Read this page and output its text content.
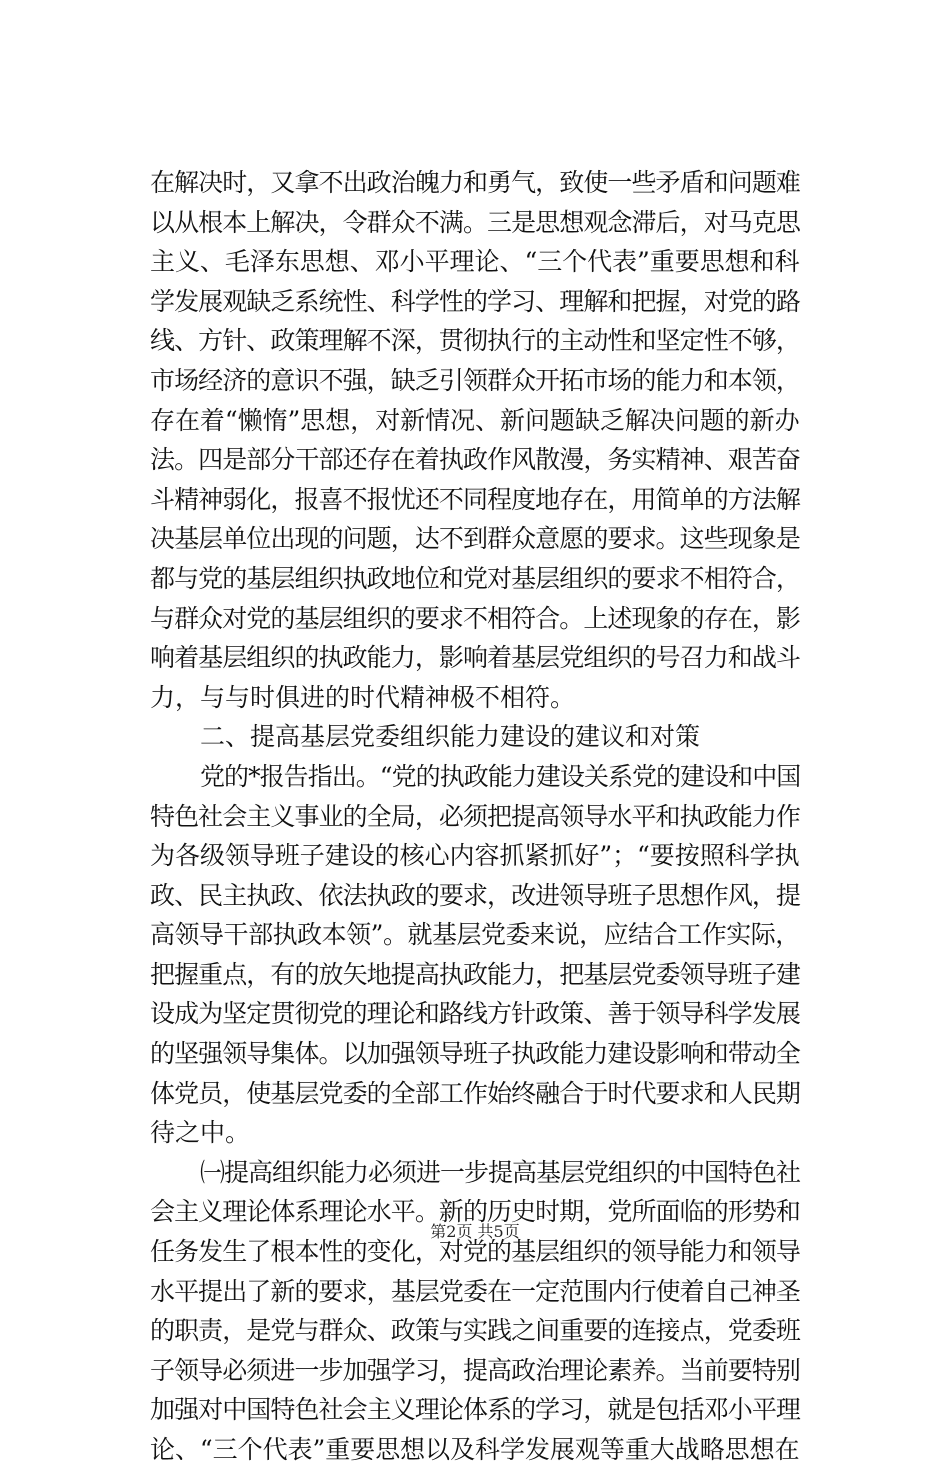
在解决时，又拿不出政治魄力和勇气，致使一些矛盾和问题难
以从根本上解决，令群众不满。三是思想观念滞后，对马克思
主义、毛泽东思想、邓小平理论、“三个代表”重要思想和科
学发展观缺乏系统性、科学性的学习、理解和把握，对党的路
线、方针、政策理解不深，贯彻执行的主动性和坚定性不够，
市场经济的意识不强，缺乏引领群众开拓市场的能力和本领，
存在着“懒惰”思想，对新情况、新问题缺乏解决问题的新办
法。四是部分干部还存在着执政作风散漫，务实精神、艰苦奋
斗精神弱化，报喜不报忧还不同程度地存在，用简单的方法解
决基层单位出现的问题，达不到群众意愿的要求。这些现象是
都与党的基层组织执政地位和党对基层组织的要求不相符合，
与群众对党的基层组织的要求不相符合。上述现象的存在，影
响着基层组织的执政能力，影响着基层党组织的号召力和战斗
力，与与时俱进的时代精神极不相符。
二、提高基层党委组织能力建设的建议和对策
党的*报告指出。“党的执政能力建设关系党的建设和中国
特色社会主义事业的全局，必须把提高领导水平和执政能力作
为各级领导班子建设的核心内容抓紧抓好”；“要按照科学执
政、民主执政、依法执政的要求，改进领导班子思想作风，提
高领导干部执政本领”。就基层党委来说，应结合工作实际，
把握重点，有的放矢地提高执政能力，把基层党委领导班子建
设成为坚定贯彻党的理论和路线方针政策、善于领导科学发展
的坚强领导集体。以加强领导班子执政能力建设影响和带动全
体党员，使基层党委的全部工作始终融合于时代要求和人民期
待之中。
㈠提高组织能力必须进一步提高基层党组织的中国特色社
会主义理论体系理论水平。新的历史时期，党所面临的形势和
任务发生了根本性的变化，对党的基层组织的领导能力和领导
水平提出了新的要求，基层党委在一定范围内行使着自己神圣
的职责，是党与群众、政策与实践之间重要的连接点，党委班
子领导必须进一步加强学习，提高政治理论素养。当前要特别
加强对中国特色社会主义理论体系的学习，就是包括邓小平理
论、“三个代表”重要思想以及科学发展观等重大战略思想在
第2页 共5页
